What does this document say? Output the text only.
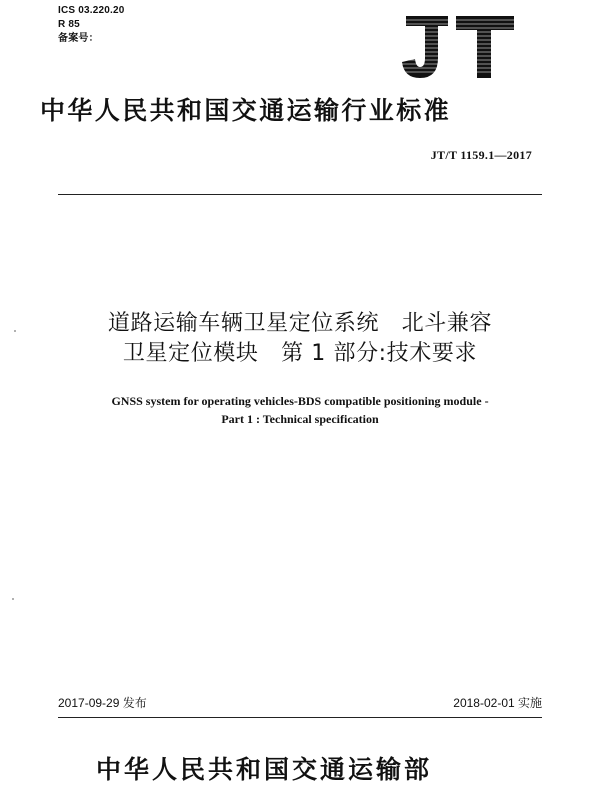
ICS 03.220.20
R 85
备案号：
中华人民共和国交通运输行业标准
JT/T 1159.1—2017
道路运输车辆卫星定位系统　北斗兼容
卫星定位模块　第 1 部分:技术要求
GNSS system for operating vehicles-BDS compatible positioning module -
Part 1 : Technical specification
2017-09-29 发布	2018-02-01 实施
中华人民共和国交通运输部
